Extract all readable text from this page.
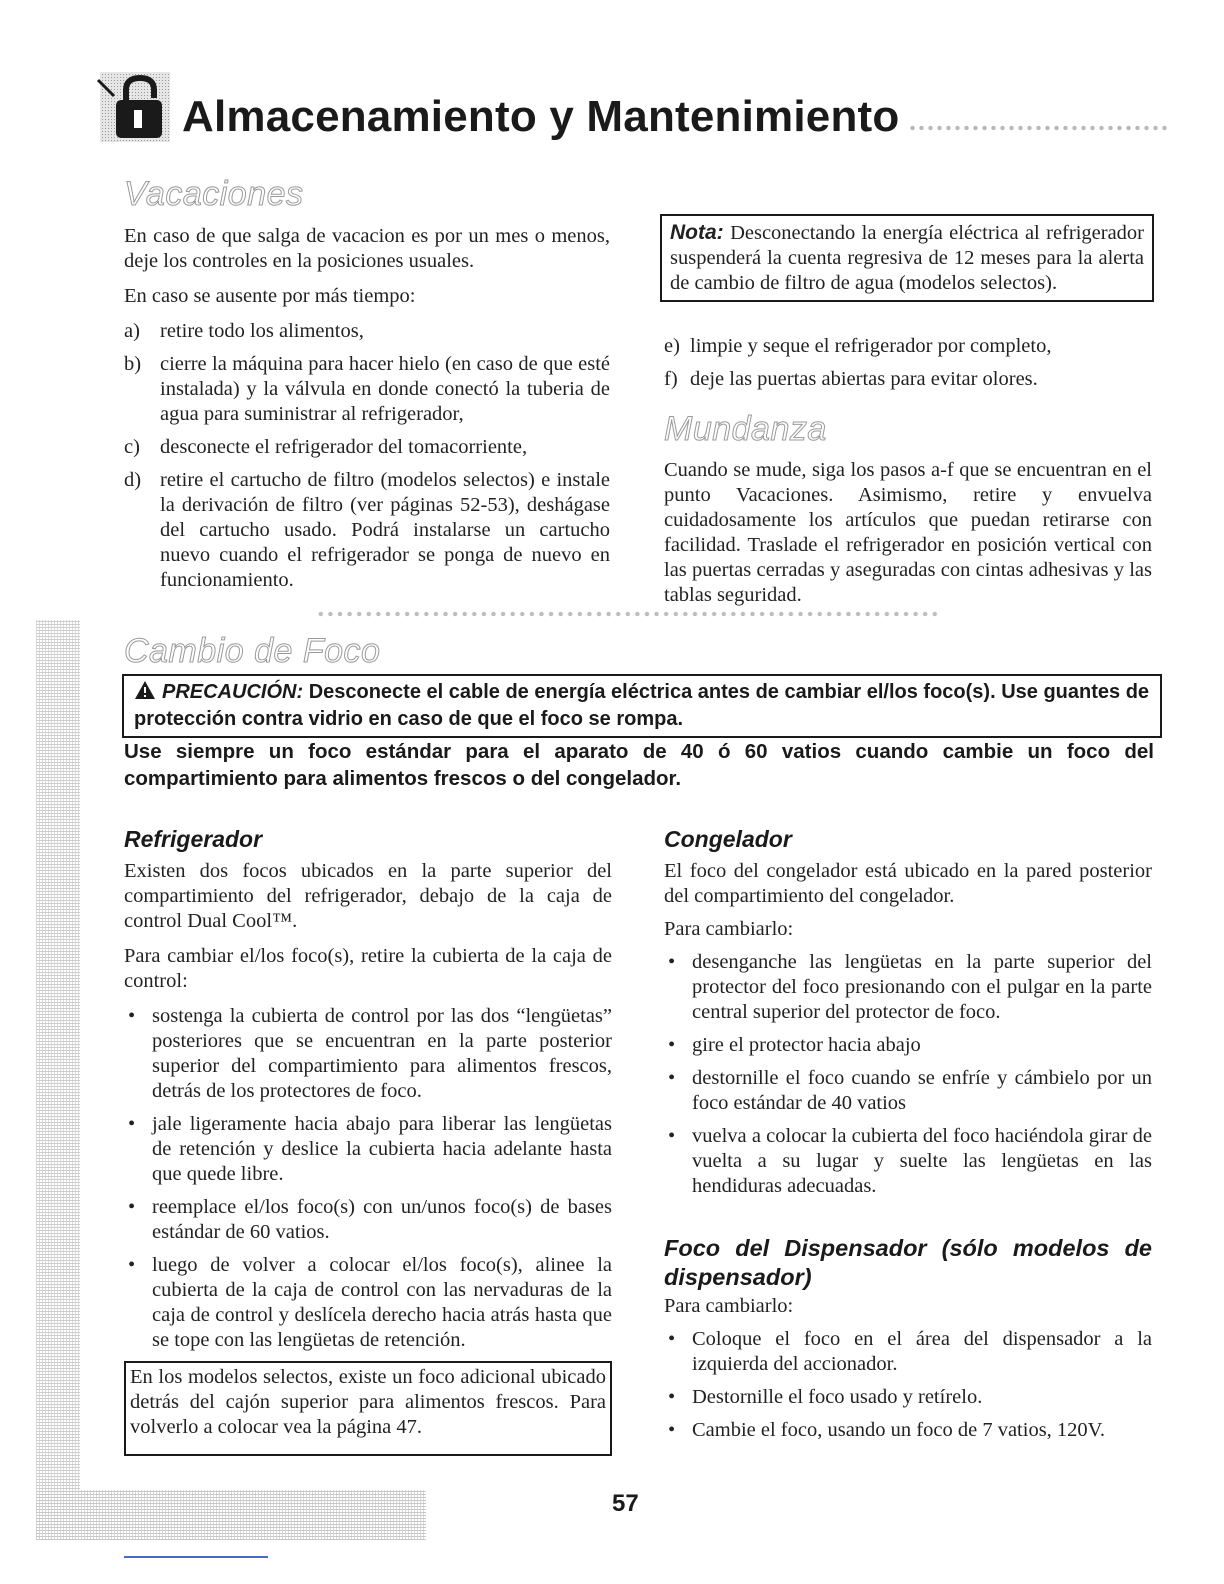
Almacenamiento y Mantenimiento
Vacaciones

En caso de que salga de vacacion es por un mes o menos, deje los controles en la posiciones usuales.

En caso se ausente por más tiempo:

a) retire todo los alimentos,
b) cierre la máquina para hacer hielo (en caso de que esté instalada) y la válvula en donde conectó la tuberia de agua para suministrar al refrigerador,
c) desconecte el refrigerador del tomacorriente,
d) retire el cartucho de filtro (modelos selectos) e instale la derivación de filtro (ver páginas 52-53), deshágase del cartucho usado. Podrá instalarse un cartucho nuevo cuando el refrigerador se ponga de nuevo en funcionamiento.
Nota: Desconectando la energía eléctrica al refrigerador suspenderá la cuenta regresiva de 12 meses para la alerta de cambio de filtro de agua (modelos selectos).
e) limpie y seque el refrigerador por completo,
f) deje las puertas abiertas para evitar olores.
Mundanza

Cuando se mude, siga los pasos a-f que se encuentran en el punto Vacaciones. Asimismo, retire y envuelva cuidadosamente los artículos que puedan retirarse con facilidad. Traslade el refrigerador en posición vertical con las puertas cerradas y aseguradas con cintas adhesivas y las tablas seguridad.

Cambio de Foco
PRECAUCIÓN: Desconecte el cable de energía eléctrica antes de cambiar el/los foco(s). Use guantes de protección contra vidrio en caso de que el foco se rompa.

Use siempre un foco estándar para el aparato de 40 ó 60 vatios cuando cambie un foco del compartimiento para alimentos frescos o del congelador.

Refrigerador

Existen dos focos ubicados en la parte superior del compartimiento del refrigerador, debajo de la caja de control Dual Cool™.

Para cambiar el/los foco(s), retire la cubierta de la caja de control:

• sostenga la cubierta de control por las dos “lengüetas” posteriores que se encuentran en la parte posterior superior del compartimiento para alimentos frescos, detrás de los protectores de foco.
• jale ligeramente hacia abajo para liberar las lengüetas de retención y deslice la cubierta hacia adelante hasta que quede libre.
• reemplace el/los foco(s) con un/unos foco(s) de bases estándar de 60 vatios.
• luego de volver a colocar el/los foco(s), alinee la cubierta de la caja de control con las nervaduras de la caja de control y deslícela derecho hacia atrás hasta que se tope con las lengüetas de retención.

En los modelos selectos, existe un foco adicional ubicado detrás del cajón superior para alimentos frescos. Para volverlo a colocar vea la página 47.

Congelador

El foco del congelador está ubicado en la pared posterior del compartimiento del congelador.

Para cambiarlo:

• desenganche las lengüetas en la parte superior del protector del foco presionando con el pulgar en la parte central superior del protector de foco.
• gire el protector hacia abajo
• destornille el foco cuando se enfríe y cámbielo por un foco estándar de 40 vatios
• vuelva a colocar la cubierta del foco haciéndola girar de vuelta a su lugar y suelte las lengüetas en las hendiduras adecuadas.
Foco del Dispensador (sólo modelos de dispensador)

Para cambiarlo:

• Coloque el foco en el área del dispensador a la izquierda del accionador.
• Destornille el foco usado y retírelo.
• Cambie el foco, usando un foco de 7 vatios, 120V.
57
